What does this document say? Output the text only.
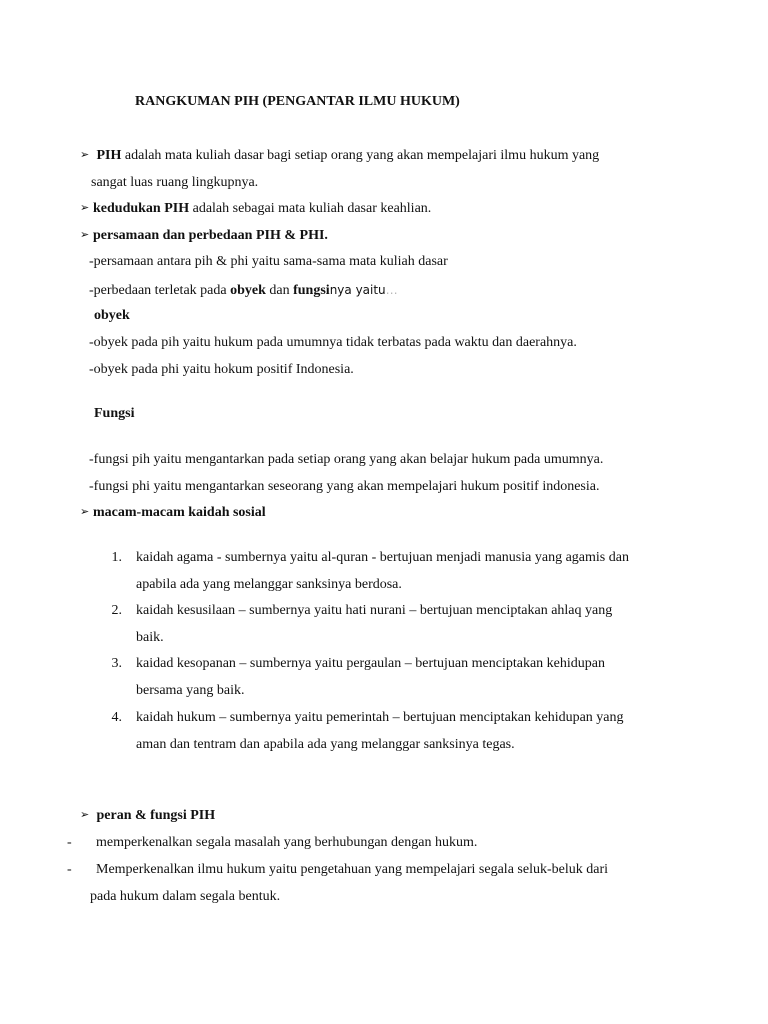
RANGKUMAN PIH (PENGANTAR ILMU HUKUM)
➢ PIH adalah mata kuliah dasar bagi setiap orang yang akan mempelajari ilmu hukum yang
sangat luas ruang lingkupnya.
➢ kedudukan PIH adalah sebagai mata kuliah dasar keahlian.
➢ persamaan dan perbedaan PIH & PHI.
-persamaan antara pih & phi yaitu sama-sama mata kuliah dasar
-perbedaan terletak pada obyek dan fungsinya yaitu…
obyek
-obyek pada pih yaitu hukum pada umumnya tidak terbatas pada waktu dan daerahnya.
-obyek pada phi yaitu hokum positif Indonesia.
Fungsi
-fungsi pih yaitu mengantarkan pada setiap orang yang akan belajar hukum pada umumnya.
-fungsi phi yaitu mengantarkan seseorang yang akan mempelajari hukum positif indonesia.
➢ macam-macam kaidah sosial
1. kaidah agama - sumbernya yaitu al-quran - bertujuan menjadi manusia yang agamis dan
apabila ada yang melanggar sanksinya berdosa.
2. kaidah kesusilaan – sumbernya yaitu hati nurani – bertujuan menciptakan ahlaq yang
baik.
3. kaidad kesopanan – sumbernya yaitu pergaulan – bertujuan menciptakan kehidupan
bersama yang baik.
4. kaidah hukum – sumbernya yaitu pemerintah – bertujuan menciptakan kehidupan yang
aman dan tentram dan apabila ada yang melanggar sanksinya tegas.
➢ peran & fungsi PIH
- memperkenalkan segala masalah yang berhubungan dengan hukum.
- Memperkenalkan ilmu hukum yaitu pengetahuan yang mempelajari segala seluk-beluk dari
pada hukum dalam segala bentuk.
